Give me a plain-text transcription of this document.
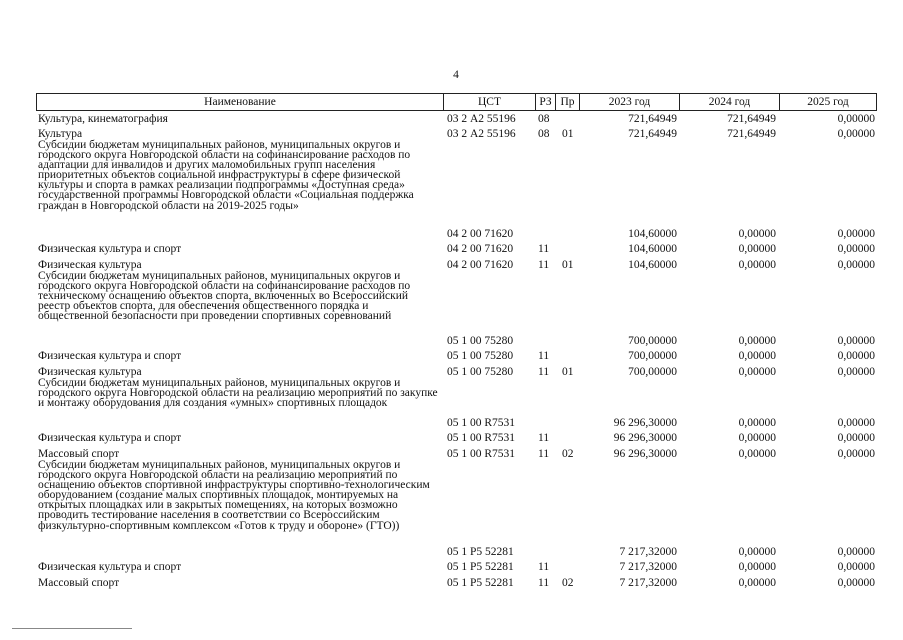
4
Наименование	ЦСТ	РЗ Пр	2023 год	2024 год	2025 год
Культура, кинематография	03 2 А2 55196 08	721,64949	721,64949	0,00000
Культура	03 2 А2 55196 08 01	721,64949	721,64949	0,00000
Субсидии бюджетам муниципальных районов, муниципальных округов и городского округа Новгородской области на софинансирование расходов по адаптации для инвалидов и других маломобильных групп населения приоритетных объектов социальной инфраструктуры в сфере физической культуры и спорта в рамках реализации подпрограммы «Доступная среда» государственной программы Новгородской области «Социальная поддержка граждан в Новгородской области на 2019-2025 годы»
04 2 00 71620	104,60000	0,00000	0,00000
Физическая культура и спорт	04 2 00 71620 11	104,60000	0,00000	0,00000
Физическая культура	04 2 00 71620 11 01	104,60000	0,00000	0,00000
Субсидии бюджетам муниципальных районов, муниципальных округов и городского округа Новгородской области на софинансирование расходов по техническому оснащению объектов спорта, включенных во Всероссийский реестр объектов спорта, для обеспечения общественного порядка и общественной безопасности при проведении спортивных соревнований
05 1 00 75280	700,00000	0,00000	0,00000
Физическая культура и спорт	05 1 00 75280 11	700,00000	0,00000	0,00000
Физическая культура	05 1 00 75280 11 01	700,00000	0,00000	0,00000
Субсидии бюджетам муниципальных районов, муниципальных округов и городского округа Новгородской области на реализацию мероприятий по закупке и монтажу оборудования для создания «умных» спортивных площадок
05 1 00 R7531	96 296,30000	0,00000	0,00000
Физическая культура и спорт	05 1 00 R7531 11	96 296,30000	0,00000	0,00000
Массовый спорт	05 1 00 R7531 11 02	96 296,30000	0,00000	0,00000
Субсидии бюджетам муниципальных районов, муниципальных округов и городского округа Новгородской области на реализацию мероприятий по оснащению объектов спортивной инфраструктуры спортивно-технологическим оборудованием (создание малых спортивных площадок, монтируемых на открытых площадках или в закрытых помещениях, на которых возможно проводить тестирование населения в соответствии со Всероссийским физкультурно-спортивным комплексом «Готов к труду и обороне» (ГТО))
05 1 Р5 52281	7 217,32000	0,00000	0,00000
Физическая культура и спорт	05 1 Р5 52281 11	7 217,32000	0,00000	0,00000
Массовый спорт	05 1 Р5 52281 11 02	7 217,32000	0,00000	0,00000
